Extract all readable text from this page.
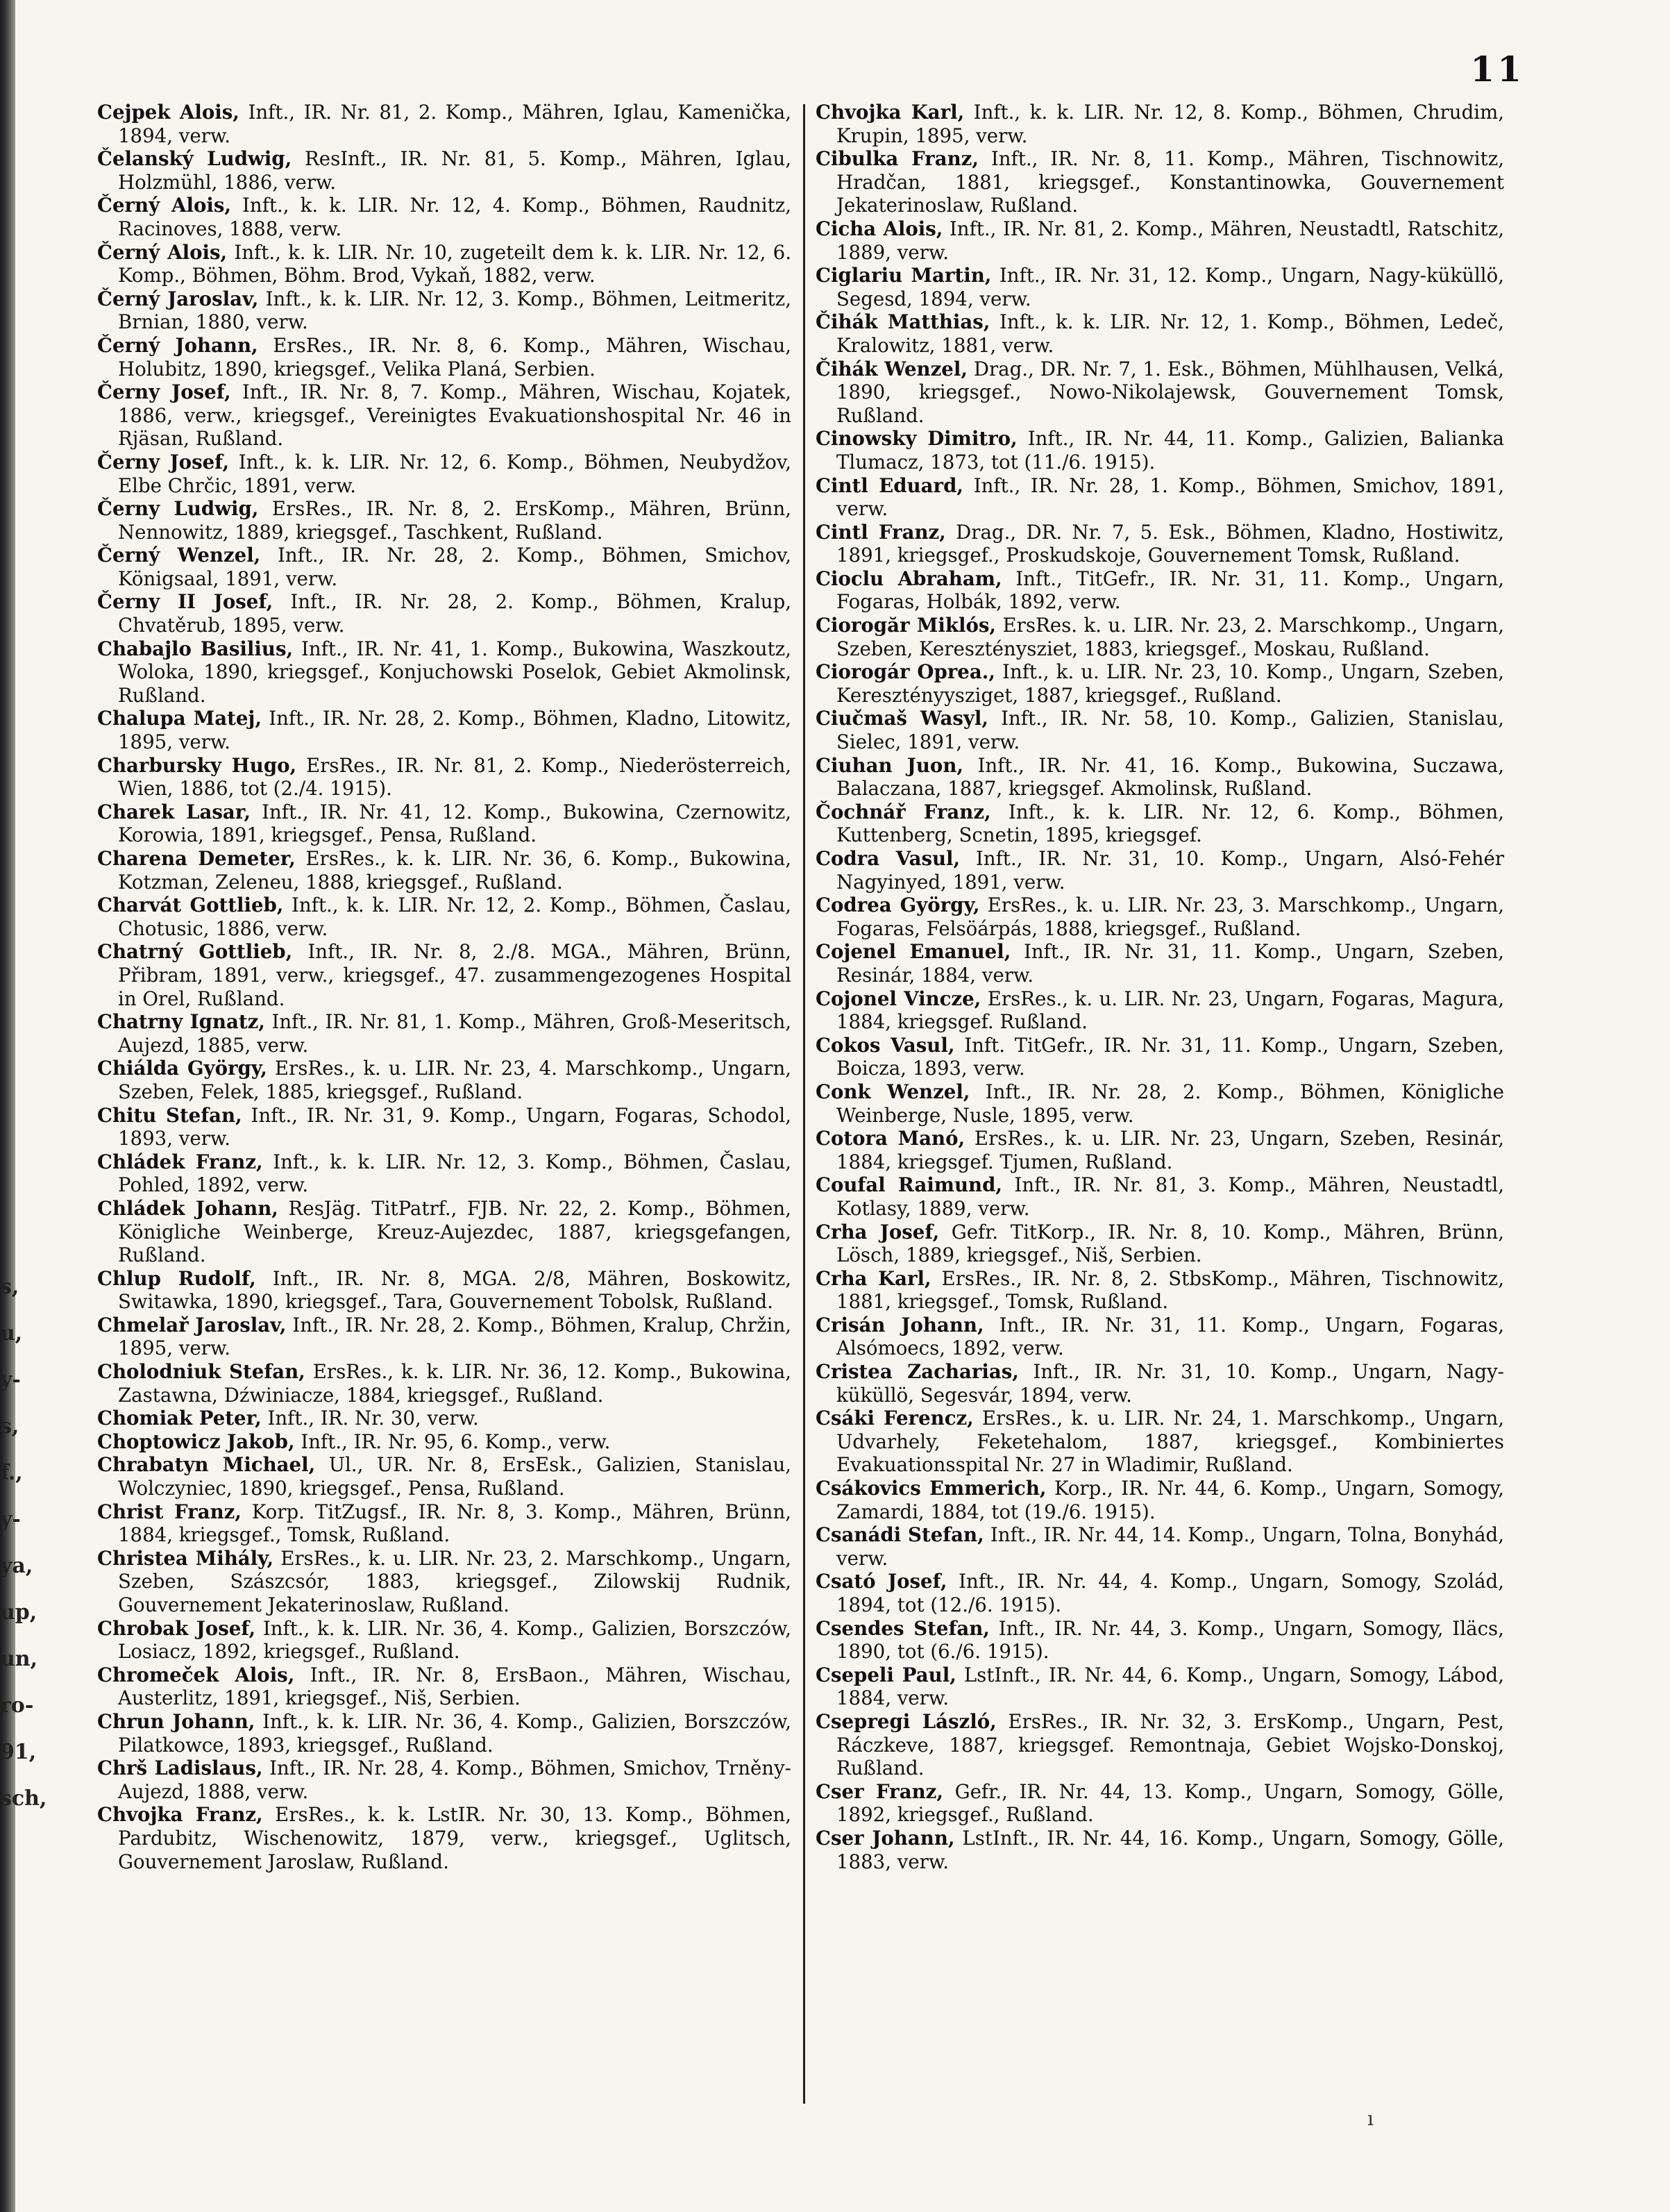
s,
u,
y-
s,
f.,
y-
ya,
up,
un,
ro-
91,
sch,
11

Cejpek Alois, Inft., IR. Nr. 81, 2. Komp., Mähren, Iglau, Kamenička, 1894, verw.

Čelanský Ludwig, ResInft., IR. Nr. 81, 5. Komp., Mähren, Iglau, Holzmühl, 1886, verw.

Černý Alois, Inft., k. k. LIR. Nr. 12, 4. Komp., Böhmen, Raudnitz, Racinoves, 1888, verw.

Černý Alois, Inft., k. k. LIR. Nr. 10, zugeteilt dem k. k. LIR. Nr. 12, 6. Komp., Böhmen, Böhm. Brod, Vykaň, 1882, verw.

Černý Jaroslav, Inft., k. k. LIR. Nr. 12, 3. Komp., Böhmen, Leitmeritz, Brnian, 1880, verw.

Černý Johann, ErsRes., IR. Nr. 8, 6. Komp., Mähren, Wischau, Holubitz, 1890, kriegsgef., Velika Planá, Serbien.

Černy Josef, Inft., IR. Nr. 8, 7. Komp., Mähren, Wischau, Kojatek, 1886, verw., kriegsgef., Vereinigtes Evakuationshospital Nr. 46 in Rjäsan, Rußland.

Černy Josef, Inft., k. k. LIR. Nr. 12, 6. Komp., Böhmen, Neubydžov, Elbe Chrčic, 1891, verw.

Černy Ludwig, ErsRes., IR. Nr. 8, 2. ErsKomp., Mähren, Brünn, Nennowitz, 1889, kriegsgef., Taschkent, Rußland.

Černý Wenzel, Inft., IR. Nr. 28, 2. Komp., Böhmen, Smichov, Königsaal, 1891, verw.

Černy II Josef, Inft., IR. Nr. 28, 2. Komp., Böhmen, Kralup, Chvatěrub, 1895, verw.

Chabajlo Basilius, Inft., IR. Nr. 41, 1. Komp., Bukowina, Waszkoutz, Woloka, 1890, kriegsgef., Konjuchowski Poselok, Gebiet Akmolinsk, Rußland.

Chalupa Matej, Inft., IR. Nr. 28, 2. Komp., Böhmen, Kladno, Litowitz, 1895, verw.

Charbursky Hugo, ErsRes., IR. Nr. 81, 2. Komp., Niederösterreich, Wien, 1886, tot (2./4. 1915).

Charek Lasar, Inft., IR. Nr. 41, 12. Komp., Bukowina, Czernowitz, Korowia, 1891, kriegsgef., Pensa, Rußland.

Charena Demeter, ErsRes., k. k. LIR. Nr. 36, 6. Komp., Bukowina, Kotzman, Zeleneu, 1888, kriegsgef., Rußland.

Charvát Gottlieb, Inft., k. k. LIR. Nr. 12, 2. Komp., Böhmen, Časlau, Chotusic, 1886, verw.

Chatrný Gottlieb, Inft., IR. Nr. 8, 2./8. MGA., Mähren, Brünn, Přibram, 1891, verw., kriegsgef., 47. zusammengezogenes Hospital in Orel, Rußland.

Chatrny Ignatz, Inft., IR. Nr. 81, 1. Komp., Mähren, Groß-Meseritsch, Aujezd, 1885, verw.

Chiálda György, ErsRes., k. u. LIR. Nr. 23, 4. Marschkomp., Ungarn, Szeben, Felek, 1885, kriegsgef., Rußland.

Chitu Stefan, Inft., IR. Nr. 31, 9. Komp., Ungarn, Fogaras, Schodol, 1893, verw.

Chládek Franz, Inft., k. k. LIR. Nr. 12, 3. Komp., Böhmen, Časlau, Pohled, 1892, verw.

Chládek Johann, ResJäg. TitPatrf., FJB. Nr. 22, 2. Komp., Böhmen, Königliche Weinberge, Kreuz-Aujezdec, 1887, kriegsgefangen, Rußland.

Chlup Rudolf, Inft., IR. Nr. 8, MGA. 2/8, Mähren, Boskowitz, Switawka, 1890, kriegsgef., Tara, Gouvernement Tobolsk, Rußland.

Chmelař Jaroslav, Inft., IR. Nr. 28, 2. Komp., Böhmen, Kralup, Chržin, 1895, verw.

Cholodniuk Stefan, ErsRes., k. k. LIR. Nr. 36, 12. Komp., Bukowina, Zastawna, Dźwiniacze, 1884, kriegsgef., Rußland.

Chomiak Peter, Inft., IR. Nr. 30, verw.

Choptowicz Jakob, Inft., IR. Nr. 95, 6. Komp., verw.

Chrabatyn Michael, Ul., UR. Nr. 8, ErsEsk., Galizien, Stanislau, Wolczyniec, 1890, kriegsgef., Pensa, Rußland.

Christ Franz, Korp. TitZugsf., IR. Nr. 8, 3. Komp., Mähren, Brünn, 1884, kriegsgef., Tomsk, Rußland.

Christea Mihály, ErsRes., k. u. LIR. Nr. 23, 2. Marschkomp., Ungarn, Szeben, Szászcsór, 1883, kriegsgef., Zilowskij Rudnik, Gouvernement Jekaterinoslaw, Rußland.

Chrobak Josef, Inft., k. k. LIR. Nr. 36, 4. Komp., Galizien, Borszczów, Losiacz, 1892, kriegsgef., Rußland.

Chromeček Alois, Inft., IR. Nr. 8, ErsBaon., Mähren, Wischau, Austerlitz, 1891, kriegsgef., Niš, Serbien.

Chrun Johann, Inft., k. k. LIR. Nr. 36, 4. Komp., Galizien, Borszczów, Pilatkowce, 1893, kriegsgef., Rußland.

Chrš Ladislaus, Inft., IR. Nr. 28, 4. Komp., Böhmen, Smichov, Trněny-Aujezd, 1888, verw.

Chvojka Franz, ErsRes., k. k. LstIR. Nr. 30, 13. Komp., Böhmen, Pardubitz, Wischenowitz, 1879, verw., kriegsgef., Uglitsch, Gouvernement Jaroslaw, Rußland.

Chvojka Karl, Inft., k. k. LIR. Nr. 12, 8. Komp., Böhmen, Chrudim, Krupin, 1895, verw.

Cibulka Franz, Inft., IR. Nr. 8, 11. Komp., Mähren, Tischnowitz, Hradčan, 1881, kriegsgef., Konstantinowka, Gouvernement Jekaterinoslaw, Rußland.

Cicha Alois, Inft., IR. Nr. 81, 2. Komp., Mähren, Neustadtl, Ratschitz, 1889, verw.

Ciglariu Martin, Inft., IR. Nr. 31, 12. Komp., Ungarn, Nagy-küküllö, Segesd, 1894, verw.

Čihák Matthias, Inft., k. k. LIR. Nr. 12, 1. Komp., Böhmen, Ledeč, Kralowitz, 1881, verw.

Čihák Wenzel, Drag., DR. Nr. 7, 1. Esk., Böhmen, Mühlhausen, Velká, 1890, kriegsgef., Nowo-Nikolajewsk, Gouvernement Tomsk, Rußland.

Cinowsky Dimitro, Inft., IR. Nr. 44, 11. Komp., Galizien, Balianka Tlumacz, 1873, tot (11./6. 1915).

Cintl Eduard, Inft., IR. Nr. 28, 1. Komp., Böhmen, Smichov, 1891, verw.

Cintl Franz, Drag., DR. Nr. 7, 5. Esk., Böhmen, Kladno, Hostiwitz, 1891, kriegsgef., Proskudskoje, Gouvernement Tomsk, Rußland.

Cioclu Abraham, Inft., TitGefr., IR. Nr. 31, 11. Komp., Ungarn, Fogaras, Holbák, 1892, verw.

Ciorogăr Miklós, ErsRes. k. u. LIR. Nr. 23, 2. Marschkomp., Ungarn, Szeben, Kereszténysziet, 1883, kriegsgef., Moskau, Rußland.

Ciorogár Oprea., Inft., k. u. LIR. Nr. 23, 10. Komp., Ungarn, Szeben, Keresztényysziget, 1887, kriegsgef., Rußland.

Ciučmaš Wasyl, Inft., IR. Nr. 58, 10. Komp., Galizien, Stanislau, Sielec, 1891, verw.

Ciuhan Juon, Inft., IR. Nr. 41, 16. Komp., Bukowina, Suczawa, Balaczana, 1887, kriegsgef. Akmolinsk, Rußland.

Čochnář Franz, Inft., k. k. LIR. Nr. 12, 6. Komp., Böhmen, Kuttenberg, Scnetin, 1895, kriegsgef.

Codra Vasul, Inft., IR. Nr. 31, 10. Komp., Ungarn, Alsó-Fehér Nagyinyed, 1891, verw.

Codrea György, ErsRes., k. u. LIR. Nr. 23, 3. Marschkomp., Ungarn, Fogaras, Felsöárpás, 1888, kriegsgef., Rußland.

Cojenel Emanuel, Inft., IR. Nr. 31, 11. Komp., Ungarn, Szeben, Resinár, 1884, verw.

Cojonel Vincze, ErsRes., k. u. LIR. Nr. 23, Ungarn, Fogaras, Magura, 1884, kriegsgef. Rußland.

Cokos Vasul, Inft. TitGefr., IR. Nr. 31, 11. Komp., Ungarn, Szeben, Boicza, 1893, verw.

Conk Wenzel, Inft., IR. Nr. 28, 2. Komp., Böhmen, Königliche Weinberge, Nusle, 1895, verw.

Cotora Manó, ErsRes., k. u. LIR. Nr. 23, Ungarn, Szeben, Resinár, 1884, kriegsgef. Tjumen, Rußland.

Coufal Raimund, Inft., IR. Nr. 81, 3. Komp., Mähren, Neustadtl, Kotlasy, 1889, verw.

Crha Josef, Gefr. TitKorp., IR. Nr. 8, 10. Komp., Mähren, Brünn, Lösch, 1889, kriegsgef., Niš, Serbien.

Crha Karl, ErsRes., IR. Nr. 8, 2. StbsKomp., Mähren, Tischnowitz, 1881, kriegsgef., Tomsk, Rußland.

Crisán Johann, Inft., IR. Nr. 31, 11. Komp., Ungarn, Fogaras, Alsómoecs, 1892, verw.

Cristea Zacharias, Inft., IR. Nr. 31, 10. Komp., Ungarn, Nagy-küküllö, Segesvár, 1894, verw.

Csáki Ferencz, ErsRes., k. u. LIR. Nr. 24, 1. Marschkomp., Ungarn, Udvarhely, Feketehalom, 1887, kriegsgef., Kombiniertes Evakuationsspital Nr. 27 in Wladimir, Rußland.

Csákovics Emmerich, Korp., IR. Nr. 44, 6. Komp., Ungarn, Somogy, Zamardi, 1884, tot (19./6. 1915).

Csanádi Stefan, Inft., IR. Nr. 44, 14. Komp., Ungarn, Tolna, Bonyhád, verw.

Csató Josef, Inft., IR. Nr. 44, 4. Komp., Ungarn, Somogy, Szolád, 1894, tot (12./6. 1915).

Csendes Stefan, Inft., IR. Nr. 44, 3. Komp., Ungarn, Somogy, Iläcs, 1890, tot (6./6. 1915).

Csepeli Paul, LstInft., IR. Nr. 44, 6. Komp., Ungarn, Somogy, Lábod, 1884, verw.

Csepregi László, ErsRes., IR. Nr. 32, 3. ErsKomp., Ungarn, Pest, Ráczkeve, 1887, kriegsgef. Remontnaja, Gebiet Wojsko-Donskoj, Rußland.

Cser Franz, Gefr., IR. Nr. 44, 13. Komp., Ungarn, Somogy, Gölle, 1892, kriegsgef., Rußland.

Cser Johann, LstInft., IR. Nr. 44, 16. Komp., Ungarn, Somogy, Gölle, 1883, verw.

ı
